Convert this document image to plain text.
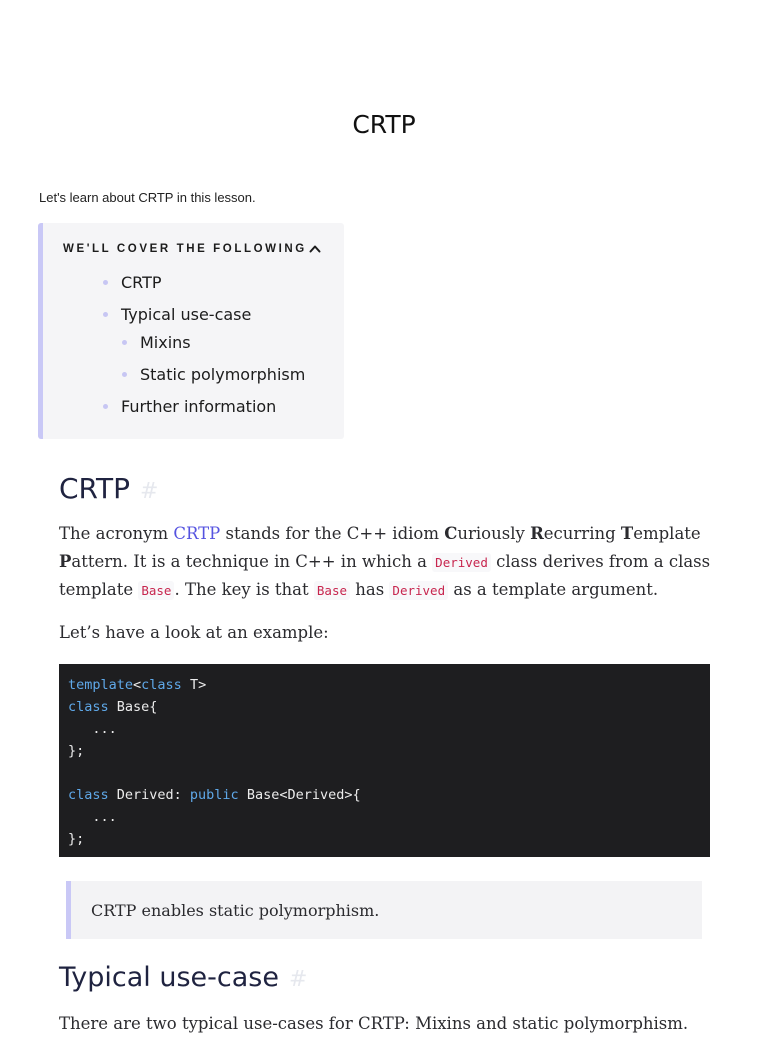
CRTP

Let's learn about CRTP in this lesson.

WE'LL COVER THE FOLLOWING
CRTP
Typical use-case
Mixins
Static polymorphism
Further information
CRTP #

The acronym CRTP stands for the C++ idiom Curiously Recurring Template Pattern. It is a technique in C++ in which a Derived class derives from a class template Base . The key is that Base has Derived as a template argument.

Let’s have a look at an example:

template<class T>
class Base{
...
};

class Derived: public Base<Derived>{
...
};
CRTP enables static polymorphism.
Typical use-case #

There are two typical use-cases for CRTP: Mixins and static polymorphism.
